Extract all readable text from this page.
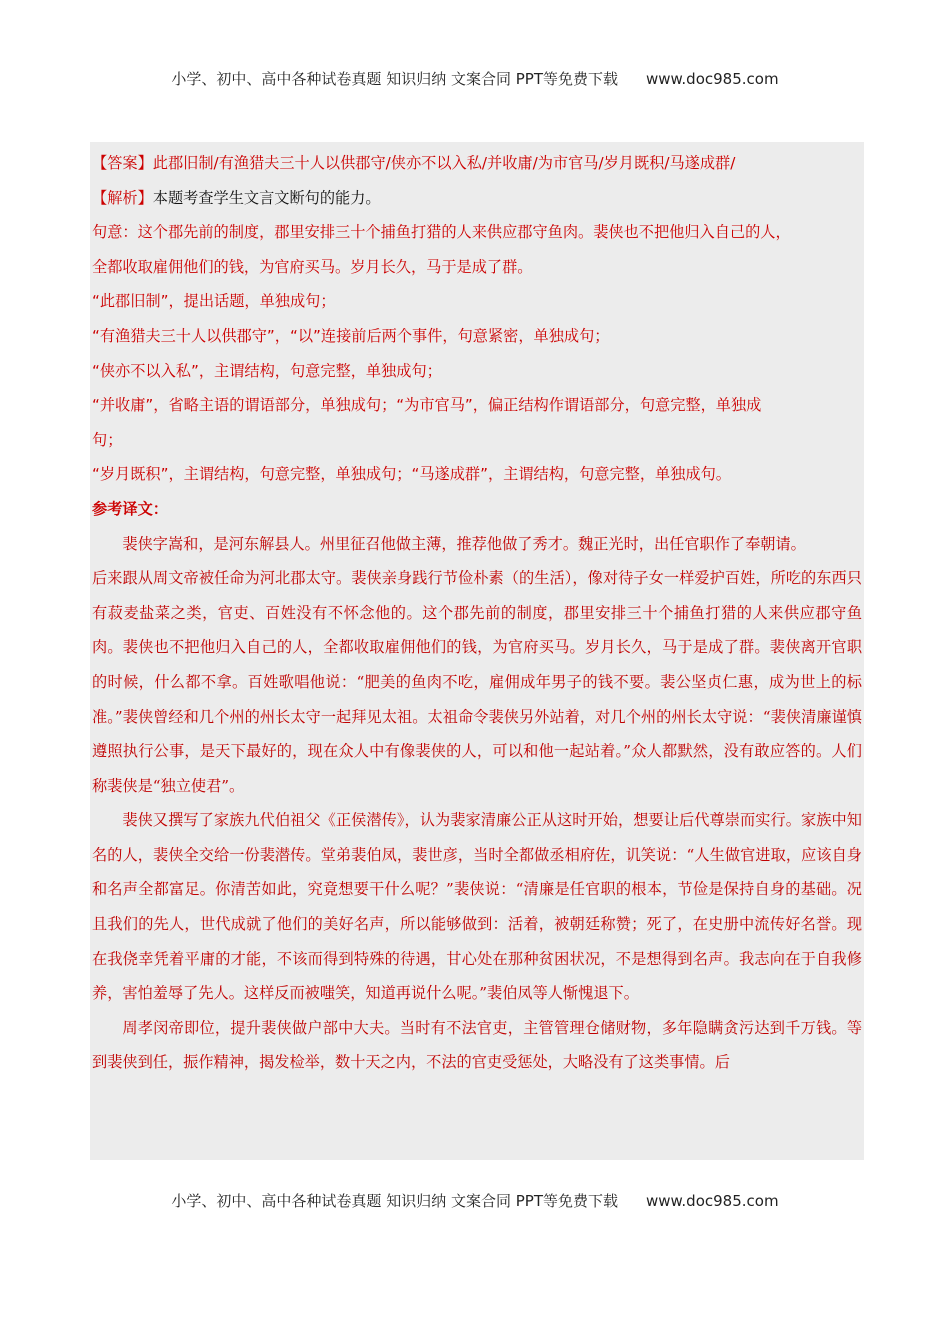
小学、初中、高中各种试卷真题 知识归纳 文案合同 PPT等免费下载 www.doc985.com

【答案】此郡旧制/有渔猎夫三十人以供郡守/侠亦不以入私/并收庸/为市官马/岁月既积/马遂成群/

【解析】本题考查学生文言文断句的能力。

句意：这个郡先前的制度，郡里安排三十个捕鱼打猎的人来供应郡守鱼肉。裴侠也不把他归入自己的人，

全都收取雇佣他们的钱，为官府买马。岁月长久，马于是成了群。

“此郡旧制”，提出话题，单独成句；

“有渔猎夫三十人以供郡守”，“以”连接前后两个事件，句意紧密，单独成句；

“侠亦不以入私”，主谓结构，句意完整，单独成句；

“并收庸”，省略主语的谓语部分，单独成句；“为市官马”，偏正结构作谓语部分，句意完整，单独成

句；

“岁月既积”，主谓结构，句意完整，单独成句；“马遂成群”，主谓结构，句意完整，单独成句。

参考译文：

裴侠字嵩和，是河东解县人。州里征召他做主薄，推荐他做了秀才。魏正光时，出任官职作了奉朝请。

后来跟从周文帝被任命为河北郡太守。裴侠亲身践行节俭朴素（的生活），像对待子女一样爱护百姓，所吃的东西只有菽麦盐菜之类，官吏、百姓没有不怀念他的。这个郡先前的制度，郡里安排三十个捕鱼打猎的人来供应郡守鱼肉。裴侠也不把他归入自己的人，全都收取雇佣他们的钱，为官府买马。岁月长久，马于是成了群。裴侠离开官职的时候，什么都不拿。百姓歌唱他说：“肥美的鱼肉不吃，雇佣成年男子的钱不要。裴公坚贞仁惠，成为世上的标准。”裴侠曾经和几个州的州长太守一起拜见太祖。太祖命令裴侠另外站着，对几个州的州长太守说：“裴侠清廉谨慎遵照执行公事，是天下最好的，现在众人中有像裴侠的人，可以和他一起站着。”众人都默然，没有敢应答的。人们称裴侠是“独立使君”。

裴侠又撰写了家族九代伯祖父《正侯潜传》，认为裴家清廉公正从这时开始，想要让后代尊崇而实行。家族中知名的人，裴侠全交给一份裴潜传。堂弟裴伯凤，裴世彦，当时全都做丞相府佐，讥笑说：“人生做官进取，应该自身和名声全都富足。你清苦如此，究竟想要干什么呢？”裴侠说：“清廉是任官职的根本，节俭是保持自身的基础。况且我们的先人，世代成就了他们的美好名声，所以能够做到：活着，被朝廷称赞；死了，在史册中流传好名誉。现在我侥幸凭着平庸的才能，不该而得到特殊的待遇，甘心处在那种贫困状况，不是想得到名声。我志向在于自我修养，害怕羞辱了先人。这样反而被嗤笑，知道再说什么呢。”裴伯凤等人惭愧退下。

周孝闵帝即位，提升裴侠做户部中大夫。当时有不法官吏，主管管理仓储财物，多年隐瞒贪污达到千万钱。等到裴侠到任，振作精神，揭发检举，数十天之内，不法的官吏受惩处，大略没有了这类事情。后

小学、初中、高中各种试卷真题 知识归纳 文案合同 PPT等免费下载 www.doc985.com
